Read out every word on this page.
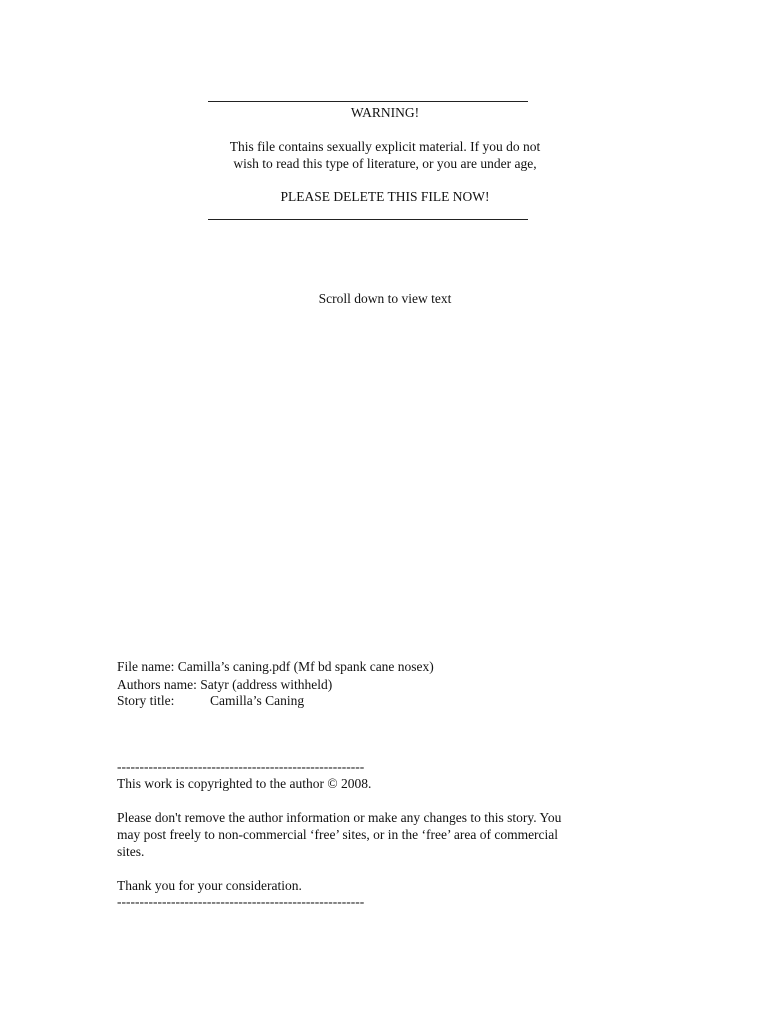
WARNING!
This file contains sexually explicit material. If you do not
wish to read this type of literature, or you are under age,
PLEASE DELETE THIS FILE NOW!
Scroll down to view text
File name: Camilla’s caning.pdf (Mf bd spank cane nosex)
Authors name: Satyr (address withheld)
Story title:	Camilla’s Caning
-------------------------------------------------------
This work is copyrighted to the author © 2008.
Please don't remove the author information or make any changes to this story. You
may post freely to non-commercial ‘free’ sites, or in the ‘free’ area of commercial
sites.
Thank you for your consideration.
-------------------------------------------------------
